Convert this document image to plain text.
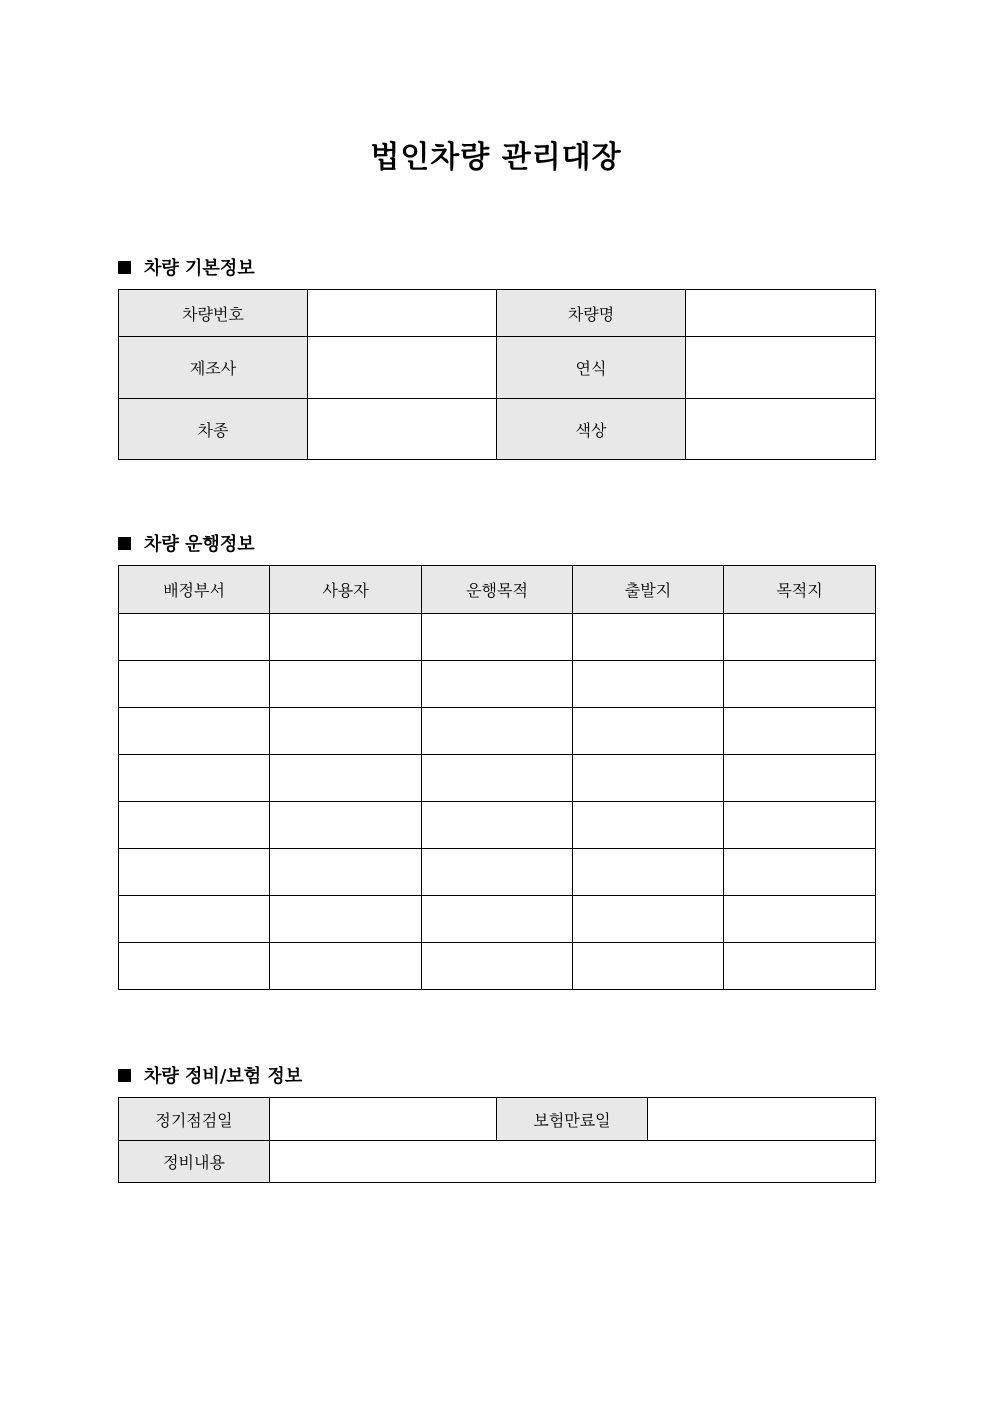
법인차량 관리대장
차량 기본정보
차량번호		차량명	
제조사		연식	
차종		색상	
차량 운행정보
배정부서	사용자	운행목적	출발지	목적지

차량 정비/보험 정보
정기점검일		보험만료일	
정비내용			
